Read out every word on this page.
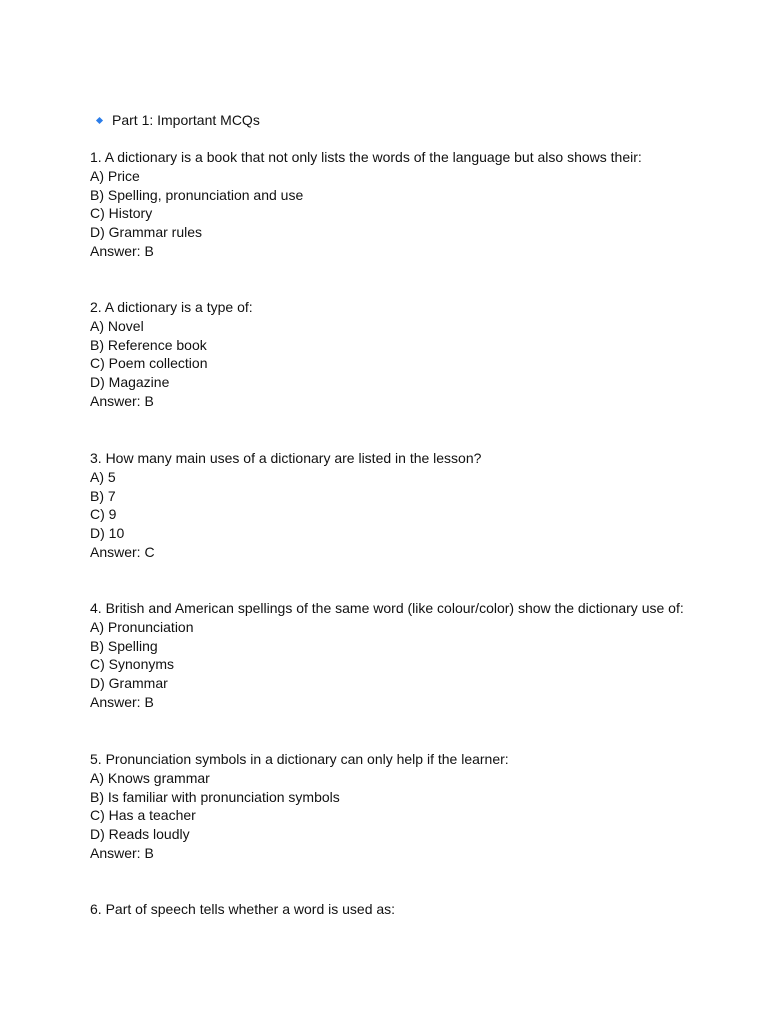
Part 1: Important MCQs
1. A dictionary is a book that not only lists the words of the language but also shows their:
A) Price
B) Spelling, pronunciation and use
C) History
D) Grammar rules
Answer: B
2. A dictionary is a type of:
A) Novel
B) Reference book
C) Poem collection
D) Magazine
Answer: B
3. How many main uses of a dictionary are listed in the lesson?
A) 5
B) 7
C) 9
D) 10
Answer: C
4. British and American spellings of the same word (like colour/color) show the dictionary use of:
A) Pronunciation
B) Spelling
C) Synonyms
D) Grammar
Answer: B
5. Pronunciation symbols in a dictionary can only help if the learner:
A) Knows grammar
B) Is familiar with pronunciation symbols
C) Has a teacher
D) Reads loudly
Answer: B
6. Part of speech tells whether a word is used as:
